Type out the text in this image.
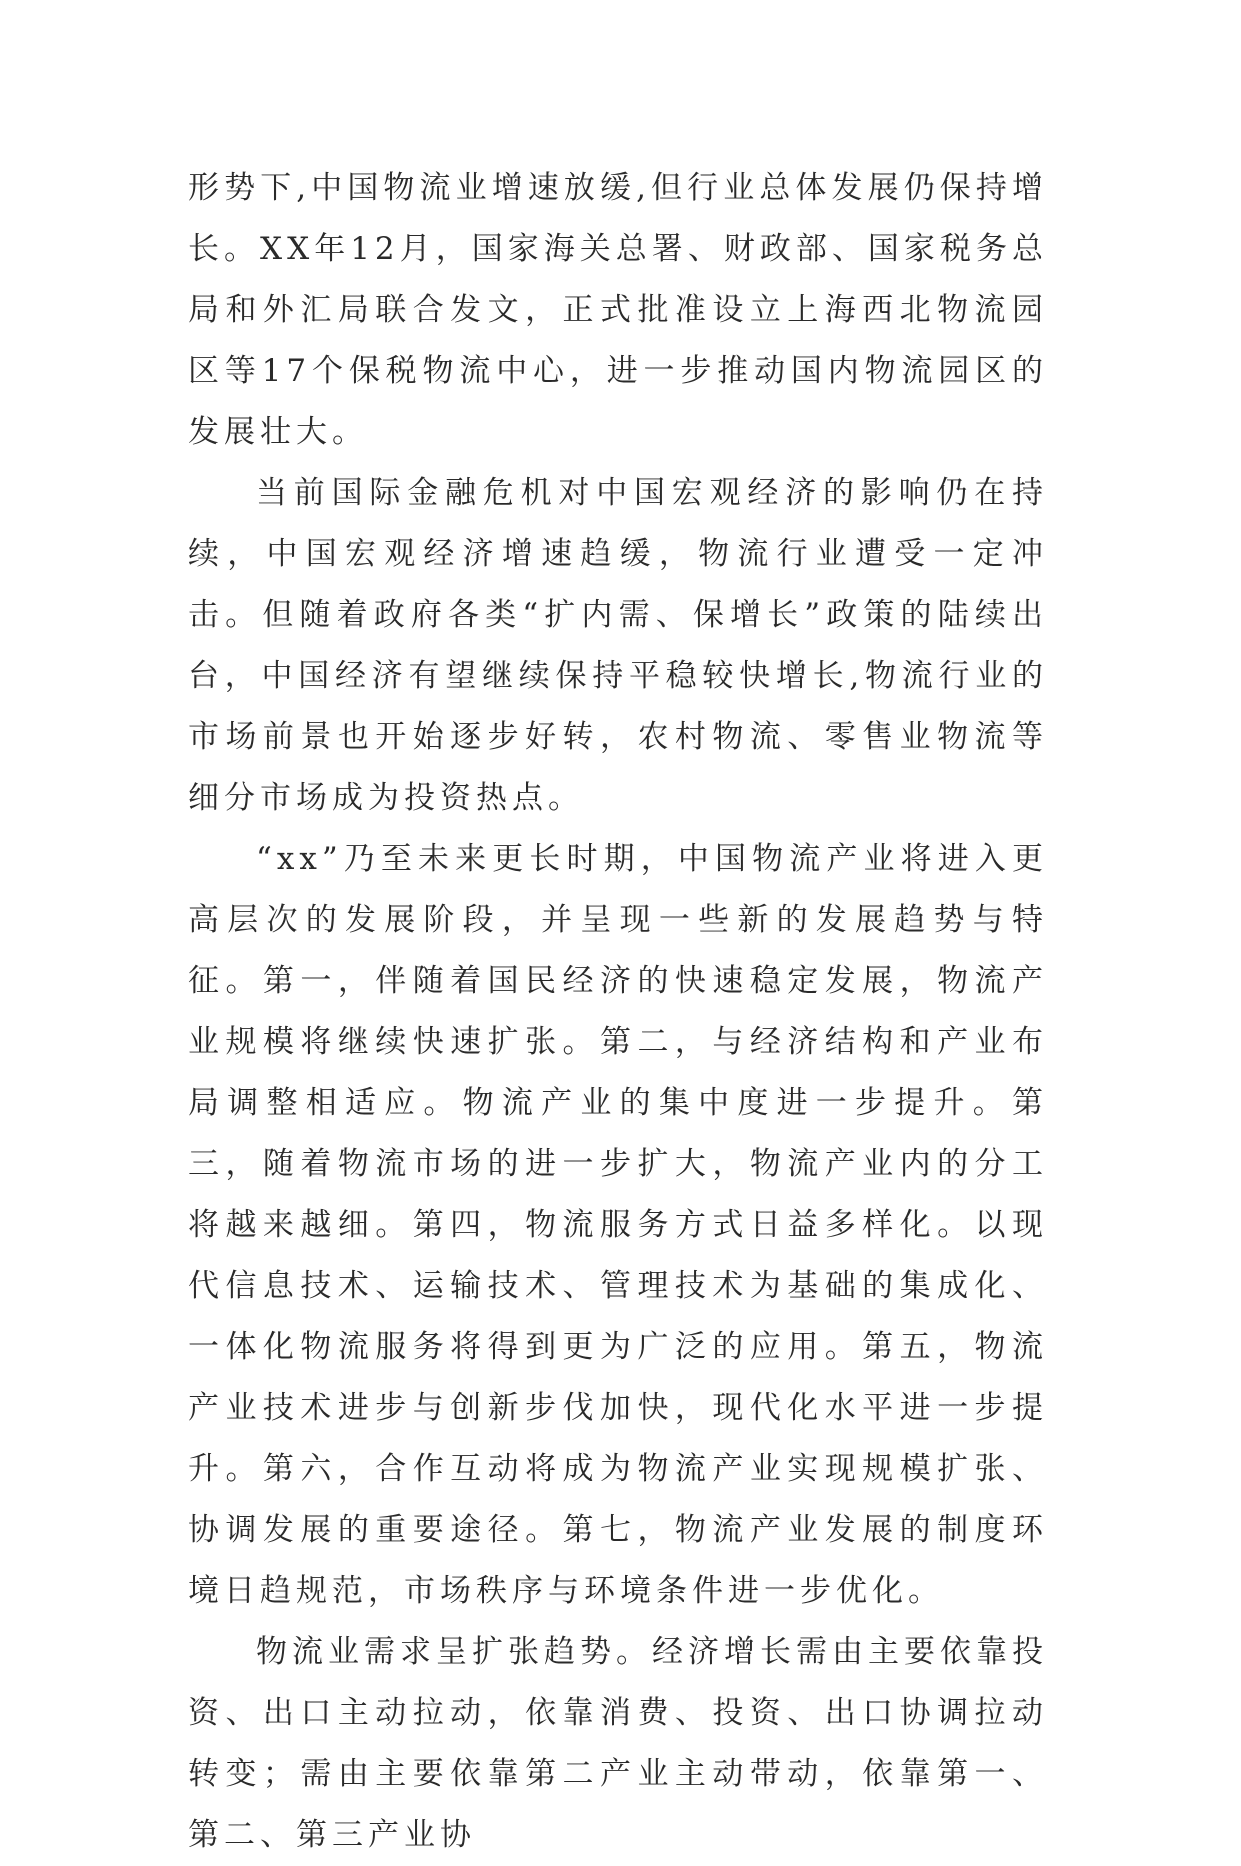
形势下,中国物流业增速放缓,但行业总体发展仍保持增长。XX年12月，国家海关总署、财政部、国家税务总局和外汇局联合发文，正式批准设立上海西北物流园区等17个保税物流中心，进一步推动国内物流园区的发展壮大。

当前国际金融危机对中国宏观经济的影响仍在持续，中国宏观经济增速趋缓，物流行业遭受一定冲击。但随着政府各类“扩内需、保增长”政策的陆续出台，中国经济有望继续保持平稳较快增长,物流行业的市场前景也开始逐步好转，农村物流、零售业物流等细分市场成为投资热点。

“xx”乃至未来更长时期，中国物流产业将进入更高层次的发展阶段，并呈现一些新的发展趋势与特征。第一，伴随着国民经济的快速稳定发展，物流产业规模将继续快速扩张。第二，与经济结构和产业布局调整相适应。物流产业的集中度进一步提升。第三，随着物流市场的进一步扩大，物流产业内的分工将越来越细。第四，物流服务方式日益多样化。以现代信息技术、运输技术、管理技术为基础的集成化、一体化物流服务将得到更为广泛的应用。第五，物流产业技术进步与创新步伐加快，现代化水平进一步提升。第六，合作互动将成为物流产业实现规模扩张、协调发展的重要途径。第七，物流产业发展的制度环境日趋规范，市场秩序与环境条件进一步优化。

物流业需求呈扩张趋势。经济增长需由主要依靠投资、出口主动拉动，依靠消费、投资、出口协调拉动转变；需由主要依靠第二产业主动带动，依靠第一、第二、第三产业协
